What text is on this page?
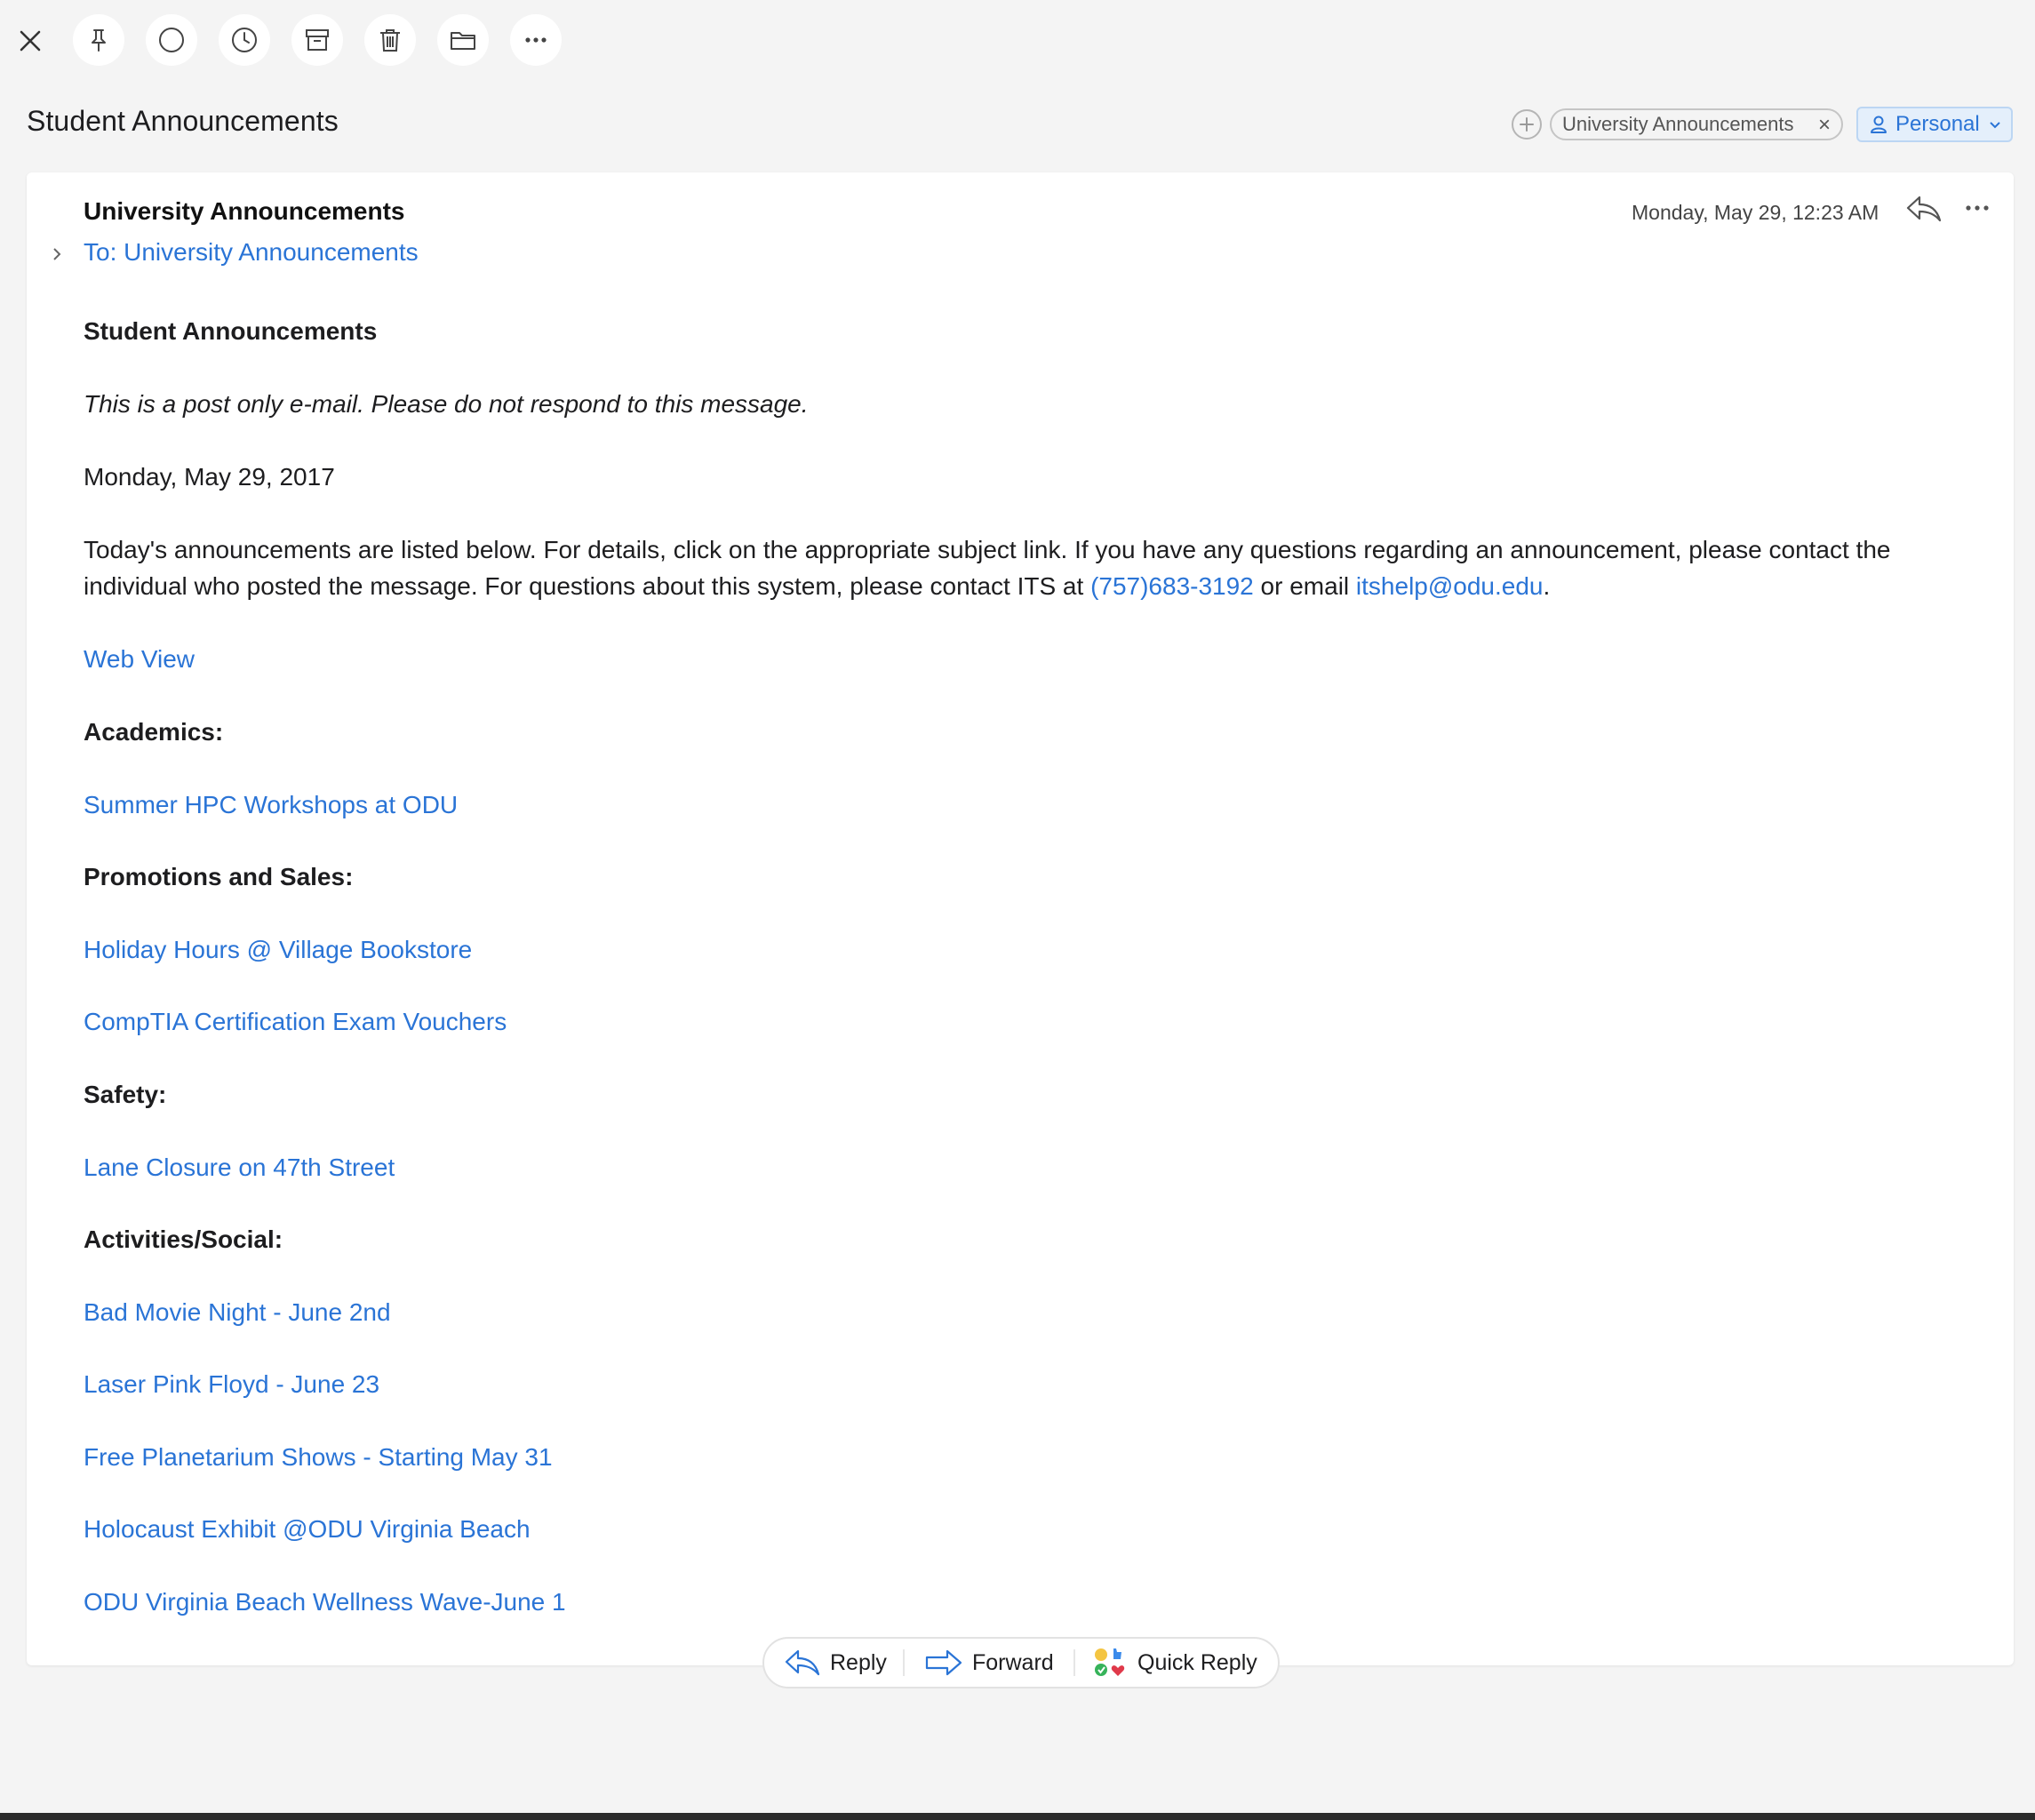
Student Announcements	University Announcements ×	Personal
University Announcements
To: University Announcements
Monday, May 29, 12:23 AM
Student Announcements
This is a post only e-mail. Please do not respond to this message.
Monday, May 29, 2017
Today's announcements are listed below. For details, click on the appropriate subject link. If you have any questions regarding an announcement, please contact the individual who posted the message. For questions about this system, please contact ITS at (757)683-3192 or email itshelp@odu.edu.
Web View
Academics:
Summer HPC Workshops at ODU
Promotions and Sales:
Holiday Hours @ Village Bookstore
CompTIA Certification Exam Vouchers
Safety:
Lane Closure on 47th Street
Activities/Social:
Bad Movie Night - June 2nd
Laser Pink Floyd - June 23
Free Planetarium Shows - Starting May 31
Holocaust Exhibit @ODU Virginia Beach
ODU Virginia Beach Wellness Wave-June 1
Reply	Forward	Quick Reply
